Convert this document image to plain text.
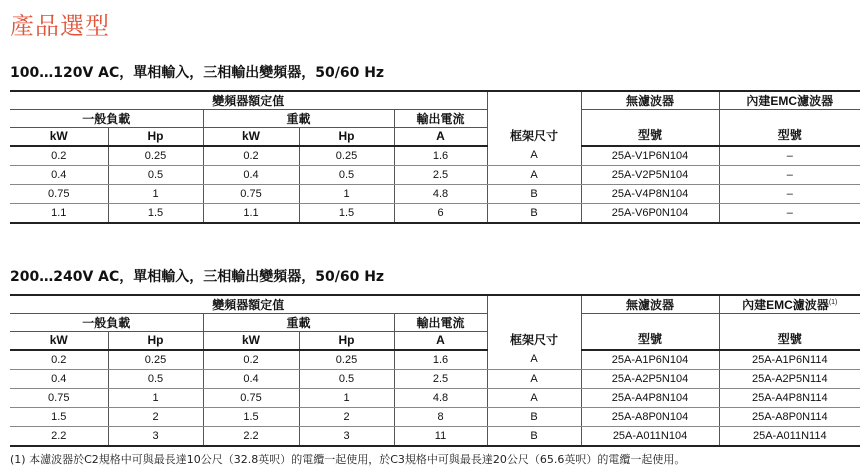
產品選型
100…120V AC，單相輸入，三相輸出變頻器，50/60 Hz
變頻器額定值					框架尺寸	無濾波器	內建EMC濾波器
一般負載		重載		輸出電流		型號	型號
kW	Hp	kW	Hp	A			
0.2	0.25	0.2	0.25	1.6	A	25A-V1P6N104	–
0.4	0.5	0.4	0.5	2.5	A	25A-V2P5N104	–
0.75	1	0.75	1	4.8	B	25A-V4P8N104	–
1.1	1.5	1.1	1.5	6	B	25A-V6P0N104	–
200…240V AC，單相輸入，三相輸出變頻器，50/60 Hz
變頻器額定值					框架尺寸	無濾波器	內建EMC濾波器$^{(1)}$
一般負載		重載		輸出電流		型號	型號
kW	Hp	kW	Hp	A			
0.2	0.25	0.2	0.25	1.6	A	25A-A1P6N104	25A-A1P6N114
0.4	0.5	0.4	0.5	2.5	A	25A-A2P5N104	25A-A2P5N114
0.75	1	0.75	1	4.8	A	25A-A4P8N104	25A-A4P8N114
1.5	2	1.5	2	8	B	25A-A8P0N104	25A-A8P0N114
2.2	3	2.2	3	11	B	25A-A011N104	25A-A011N114
(1) 本濾波器於C2規格中可與最長達10公尺（32.8英呎）的電纜一起使用，於C3規格中可與最長達20公尺（65.6英呎）的電纜一起使用。
